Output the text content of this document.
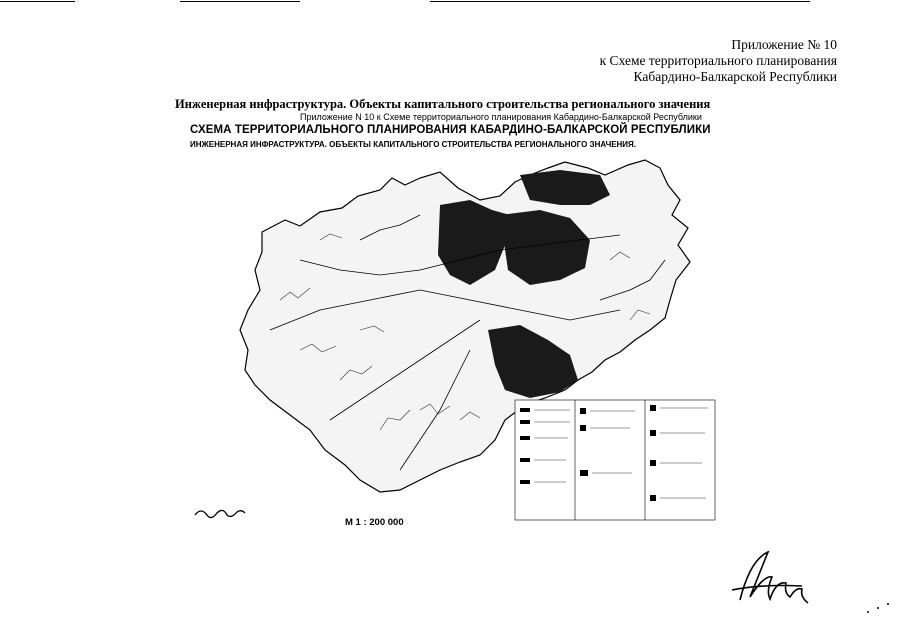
Приложение № 10
к Схеме территориального планирования
Кабардино-Балкарской Республики
Инженерная инфраструктура. Объекты капитального строительства регионального значения
Приложение N 10 к Схеме территориального планирования Кабардино-Балкарской Республики
СХЕМА ТЕРРИТОРИАЛЬНОГО ПЛАНИРОВАНИЯ КАБАРДИНО-БАЛКАРСКОЙ РЕСПУБЛИКИ
ИНЖЕНЕРНАЯ ИНФРАСТРУКТУРА. ОБЪЕКТЫ КАПИТАЛЬНОГО СТРОИТЕЛЬСТВА РЕГИОНАЛЬНОГО ЗНАЧЕНИЯ.
М 1 : 200 000
